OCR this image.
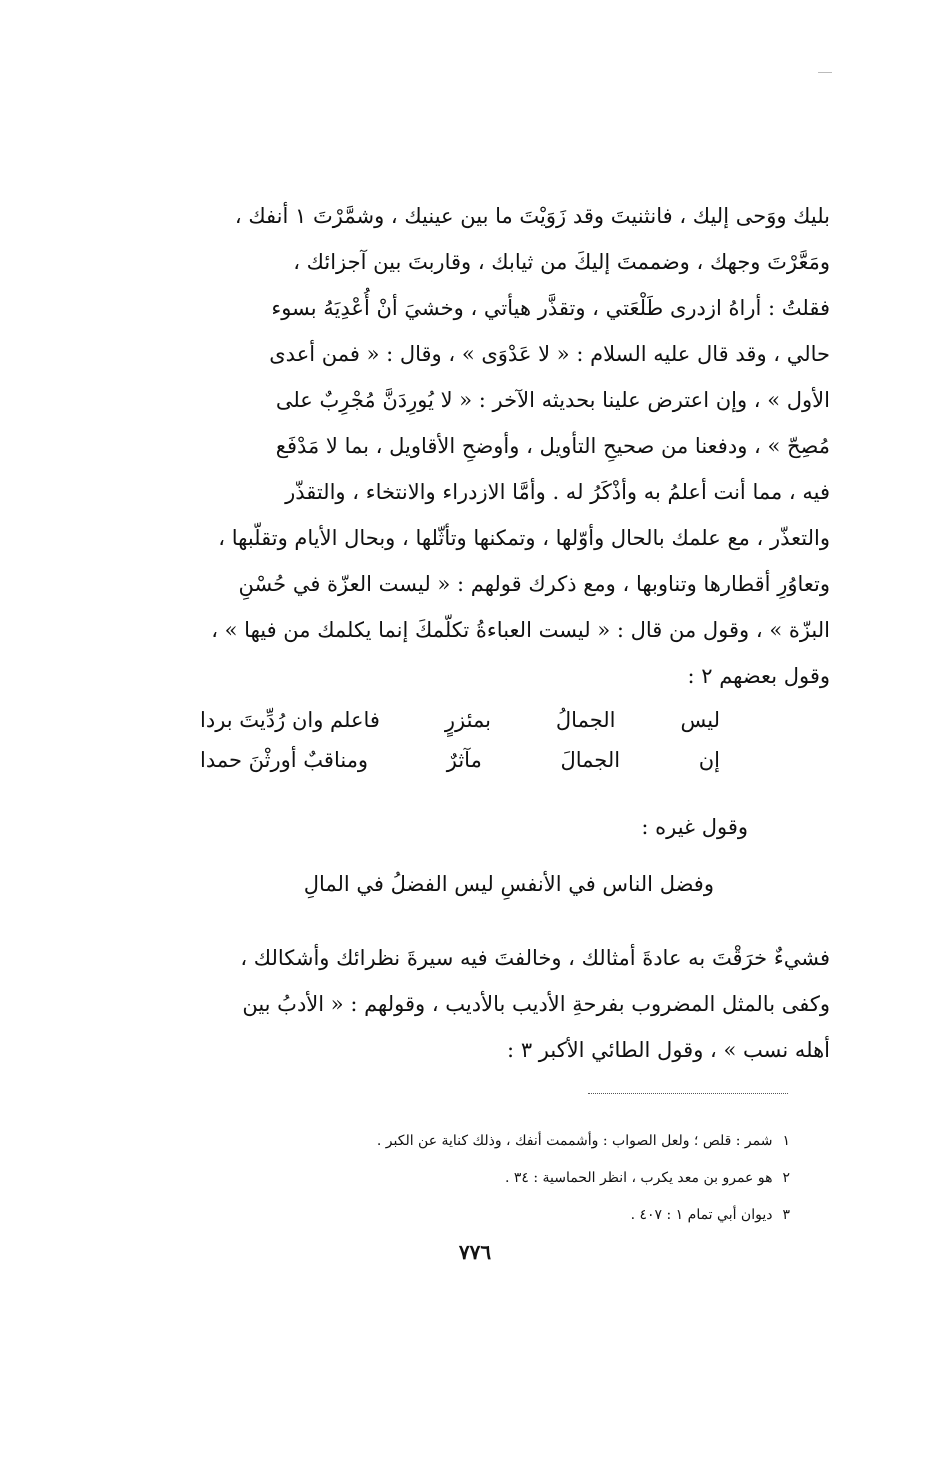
بليك ووَحى إليك ، فانثنيتَ وقد زَوَيْتَ ما بين عينيك ، وشمَّرْتَ ١ أنفك ،

ومَعَّرْتَ وجهك ، وضممتَ إليكَ من ثيابك ، وقاربتَ بين آجزائك ،

فقلتُ : أراهُ ازدرى طَلْعَتي ، وتقذَّر هيأتي ، وخشيَ أنْ أُعْدِيَهُ بسوء

حالي ، وقد قال عليه السلام : « لا عَدْوَى » ، وقال : « فمن أعدى

الأول » ، وإن اعترض علينا بحديثه الآخر : « لا يُورِدَنَّ مُجْرِبٌ على

مُصِحّ » ، ودفعنا من صحيحِ التأويل ، وأوضحِ الأقاويل ، بما لا مَدْفَع

فيه ، مما أنت أعلمُ به وأذْكَرُ له . وأمَّا الازدراء والانتخاء ، والتقذّر

والتعذّر ، مع علمك بالحال وأوّلها ، وتمكنها وتأثّلها ، وبحال الأيام وتقلّبها ،

وتعاوُرِ أقطارها وتناوبها ، ومع ذكرك قولهم : « ليست العزّة في حُسْنِ

البزّة » ، وقول من قال : « ليست العباءةُ تكلّمكَ إنما يكلمك من فيها » ،

وقول بعضهم ٢ :

ليس
الجمالُ
بمئزرٍ
فاعلم وان رُدِّيتَ بردا
إن
الجمالَ
مآثرٌ
ومناقبٌ أورثْنَ حمدا
وقول غيره :
وفضل الناس في الأنفسِ ليس الفضلُ في المالِ

فشيءٌ خرَقْتَ به عادةَ أمثالك ، وخالفتَ فيه سيرةَ نظرائك وأشكالك ،

وكفى بالمثل المضروب بفرحةِ الأديب بالأديب ، وقولهم : « الأدبُ بين

أهله نسب » ، وقول الطائي الأكبر ٣ :

١
شمر : قلص ؛ ولعل الصواب : وأشممت أنفك ، وذلك كناية عن الكبر .
٢
هو عمرو بن معد يكرب ، انظر الحماسية : ٣٤ .
٣
ديوان أبي تمام ١ : ٤٠٧ .
٧٧٦
